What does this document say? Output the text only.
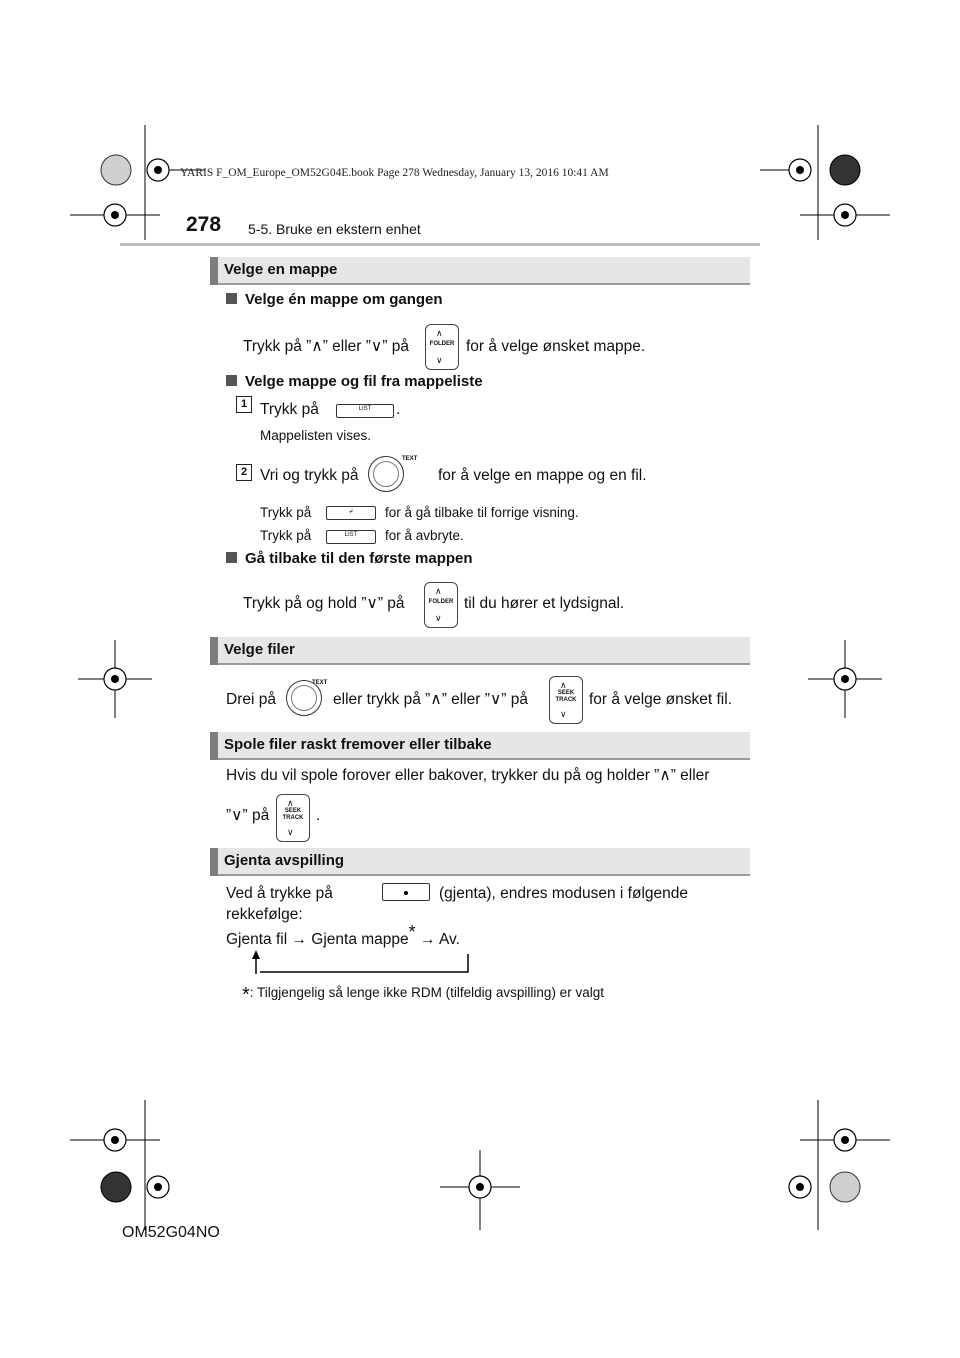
YARIS F_OM_Europe_OM52G04E.book Page 278 Wednesday, January 13, 2016 10:41 AM
278 5-5. Bruke en ekstern enhet
Velge en mappe
Velge én mappe om gangen
Trykk på ”∧” eller ”∨” på
∧
FOLDER
∨
for å velge ønsket mappe.
Velge mappe og fil fra mappeliste
1 Trykk på	LIST	.
Mappelisten vises.
2 Vri og trykk på
TEXT
for å velge en mappe og en fil.
Trykk på	↲	for å gå tilbake til forrige visning.
Trykk på	LIST	for å avbryte.
Gå tilbake til den første mappen
Trykk på og hold ”∨” på
∧
FOLDER
∨
til du hører et lydsignal.
Velge filer
Drei på
TEXT
eller trykk på ”∧” eller ”∨” på
∧
SEEK
TRACK
∨
for å velge ønsket fil.
Spole filer raskt fremover eller tilbake
Hvis du vil spole forover eller bakover, trykker du på og holder ”∧” eller
”∨” på
∧
SEEK
TRACK
∨
.
Gjenta avspilling
Ved å trykke på	(gjenta), endres modusen i følgende
rekkefølge:
Gjenta fil → Gjenta mappe* → Av.
*: Tilgjengelig så lenge ikke RDM (tilfeldig avspilling) er valgt
OM52G04NO
